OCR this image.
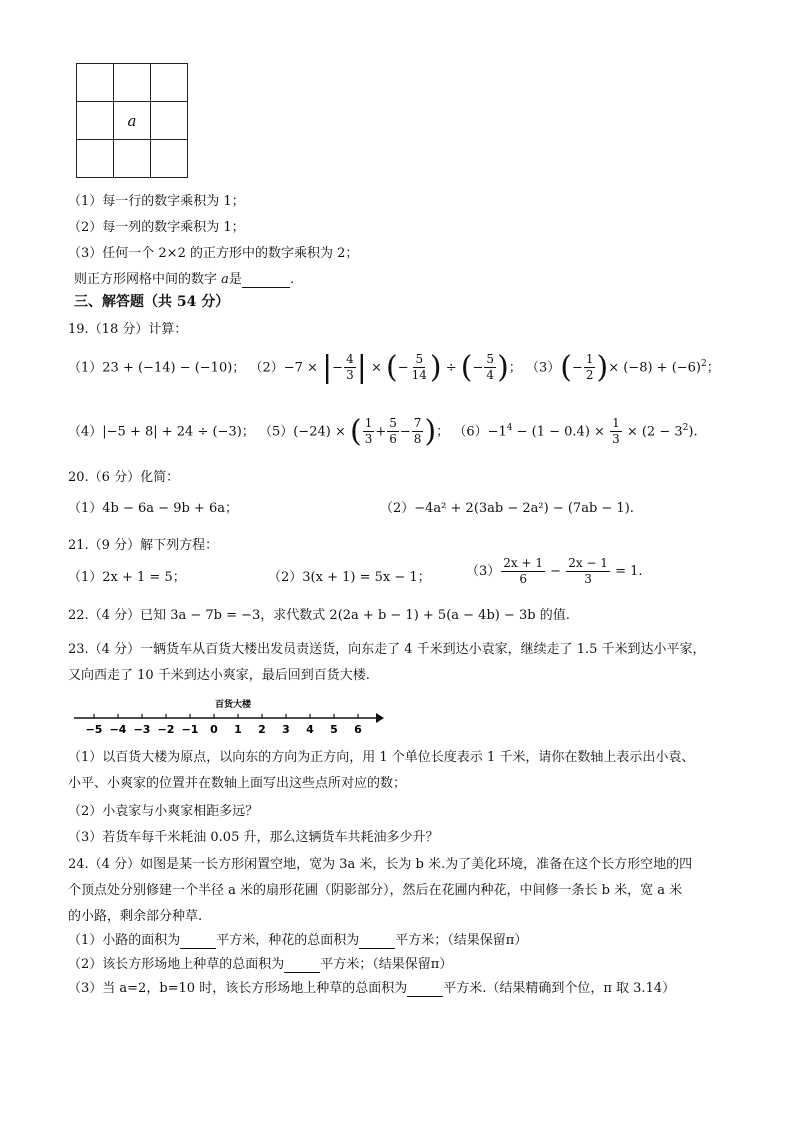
	a	

（1）每一行的数字乘积为 1；
（2）每一列的数字乘积为 1；
（3）任何一个 2×2 的正方形中的数字乘积为 2；
则正方形网格中间的数字 a是	.
三、解答题（共 54 分）
19.（18 分）计算：
（1）23 + (−14) − (−10)； （2）−7 × |− $\frac{4}{3}$ | × (− $\frac{5}{14}$ ) ÷ (− $\frac{5}{4}$ )； $(3)(- \frac{1}{2}$ )× $(-8) + (-6)^2$；
（4）|−5 + 8| + 24 ÷ (−3)； （5）(−24) × ( $\frac{1}{3} + \frac{5}{6} - \frac{7}{8}$ )； $(6)-1^4 - (1 - 0.4) \times \frac{1}{3} \times (2 - 3^2)$.
20.（6 分）化简：
（1）4b − 6a − 9b + 6a；	（2）−4a² + 2(3ab − 2a²) − (7ab − 1).
21.（9 分）解下列方程：
（1）2x + 1 = 5；	（2）3(x + 1) = 5x − 1；	$(3) \frac{2x + 1}{6} - \frac{2x - 1}{3} = 1$.
22.（4 分）已知 3a − 7b = −3，求代数式 2(2a + b − 1) + 5(a − 4b) − 3b 的值.
23.（4 分）一辆货车从百货大楼出发员责送货，向东走了 4 千米到达小袁家，继续走了 1.5 千米到达小平家，
又向西走了 10 千米到达小爽家，最后回到百货大楼.
百货大楼
−5 −4 −3 −2 −1 0 1 2 3 4 5 6
（1）以百货大楼为原点，以向东的方向为正方向，用 1 个单位长度表示 1 千米，请你在数轴上表示出小袁、
小平、小爽家的位置并在数轴上面写出这些点所对应的数；
（2）小袁家与小爽家相距多远？
（3）若货车每千米耗油 0.05 升，那么这辆货车共耗油多少升？
24.（4 分）如图是某一长方形闲置空地，宽为 3a 米，长为 b 米.为了美化环境，准备在这个长方形空地的四
个顶点处分别修建一个半径 a 米的扇形花圃（阴影部分），然后在花圃内种花，中间修一条长 b 米，宽 a 米
的小路，剩余部分种草.
（1）小路的面积为	平方米，种花的总面积为	平方米；（结果保留π）
（2）该长方形场地上种草的总面积为	平方米；（结果保留π）
（3）当 a=2，b=10 时，该长方形场地上种草的总面积为	平方米.（结果精确到个位，π 取 3.14）
